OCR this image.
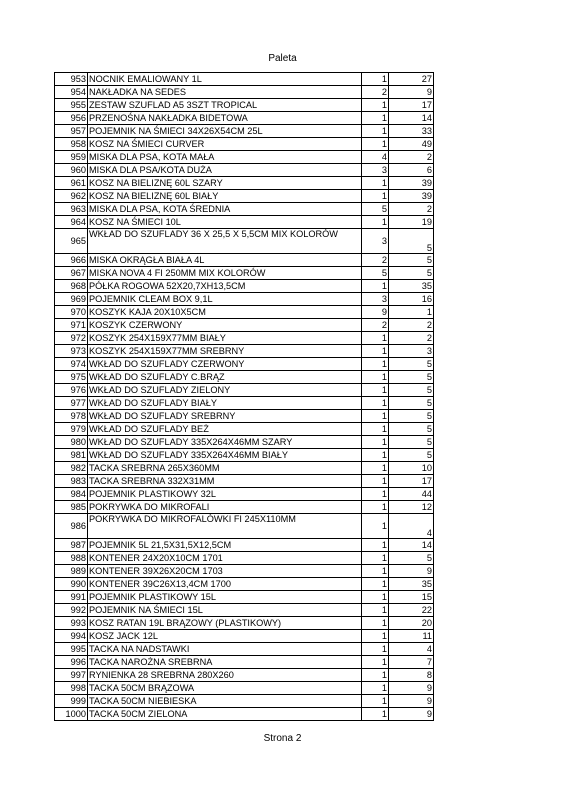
Paleta
953	NOCNIK EMALIOWANY 1L	1	27
954	NAKŁADKA NA SEDES	2	9
955	ZESTAW SZUFLAD A5 3SZT TROPICAL	1	17
956	PRZENOŚNA NAKŁADKA BIDETOWA	1	14
957	POJEMNIK NA ŚMIECI 34X26X54CM 25L	1	33
958	KOSZ NA ŚMIECI CURVER	1	49
959	MISKA DLA PSA, KOTA MAŁA	4	2
960	MISKA DLA PSA/KOTA DUŻA	3	6
961	KOSZ NA BIELIZNĘ 60L SZARY	1	39
962	KOSZ NA BIELIZNĘ 60L BIAŁY	1	39
963	MISKA DLA PSA, KOTA ŚREDNIA	5	2
964	KOSZ NA ŚMIECI 10L	1	19
965	WKŁAD DO SZUFLADY 36 X 25,5 X 5,5CM MIX KOLORÓW	3	5
966	MISKA OKRĄGŁA BIAŁA 4L	2	5
967	MISKA NOVA 4 FI 250MM MIX KOLORÓW	5	5
968	PÓŁKA ROGOWA 52X20,7XH13,5CM	1	35
969	POJEMNIK CLEAM BOX 9,1L	3	16
970	KOSZYK KAJA 20X10X5CM	9	1
971	KOSZYK CZERWONY	2	2
972	KOSZYK 254X159X77MM BIAŁY	1	2
973	KOSZYK 254X159X77MM SREBRNY	1	3
974	WKŁAD DO SZUFLADY CZERWONY	1	5
975	WKŁAD DO SZUFLADY C.BRĄZ	1	5
976	WKŁAD DO SZUFLADY ZIELONY	1	5
977	WKŁAD DO SZUFLADY BIAŁY	1	5
978	WKŁAD DO SZUFLADY SREBRNY	1	5
979	WKŁAD DO SZUFLADY BEŻ	1	5
980	WKŁAD DO SZUFLADY 335X264X46MM SZARY	1	5
981	WKŁAD DO SZUFLADY 335X264X46MM BIAŁY	1	5
982	TACKA SREBRNA 265X360MM	1	10
983	TACKA SREBRNA 332X31MM	1	17
984	POJEMNIK PLASTIKOWY 32L	1	44
985	POKRYWKA DO MIKROFALI	1	12
986	POKRYWKA DO MIKROFALÓWKI FI 245X110MM	1	4
987	POJEMNIK 5L 21,5X31,5X12,5CM	1	14
988	KONTENER 24X20X10CM 1701	1	5
989	KONTENER 39X26X20CM 1703	1	9
990	KONTENER 39C26X13,4CM 1700	1	35
991	POJEMNIK PLASTIKOWY 15L	1	15
992	POJEMNIK NA ŚMIECI 15L	1	22
993	KOSZ RATAN 19L BRĄZOWY (PLASTIKOWY)	1	20
994	KOSZ JACK 12L	1	11
995	TACKA NA NADSTAWKI	1	4
996	TACKA NAROŻNA SREBRNA	1	7
997	RYNIENKA 28 SREBRNA 280X260	1	8
998	TACKA 50CM BRĄZOWA	1	9
999	TACKA 50CM NIEBIESKA	1	9
1000	TACKA 50CM ZIELONA	1	9
Strona 2
